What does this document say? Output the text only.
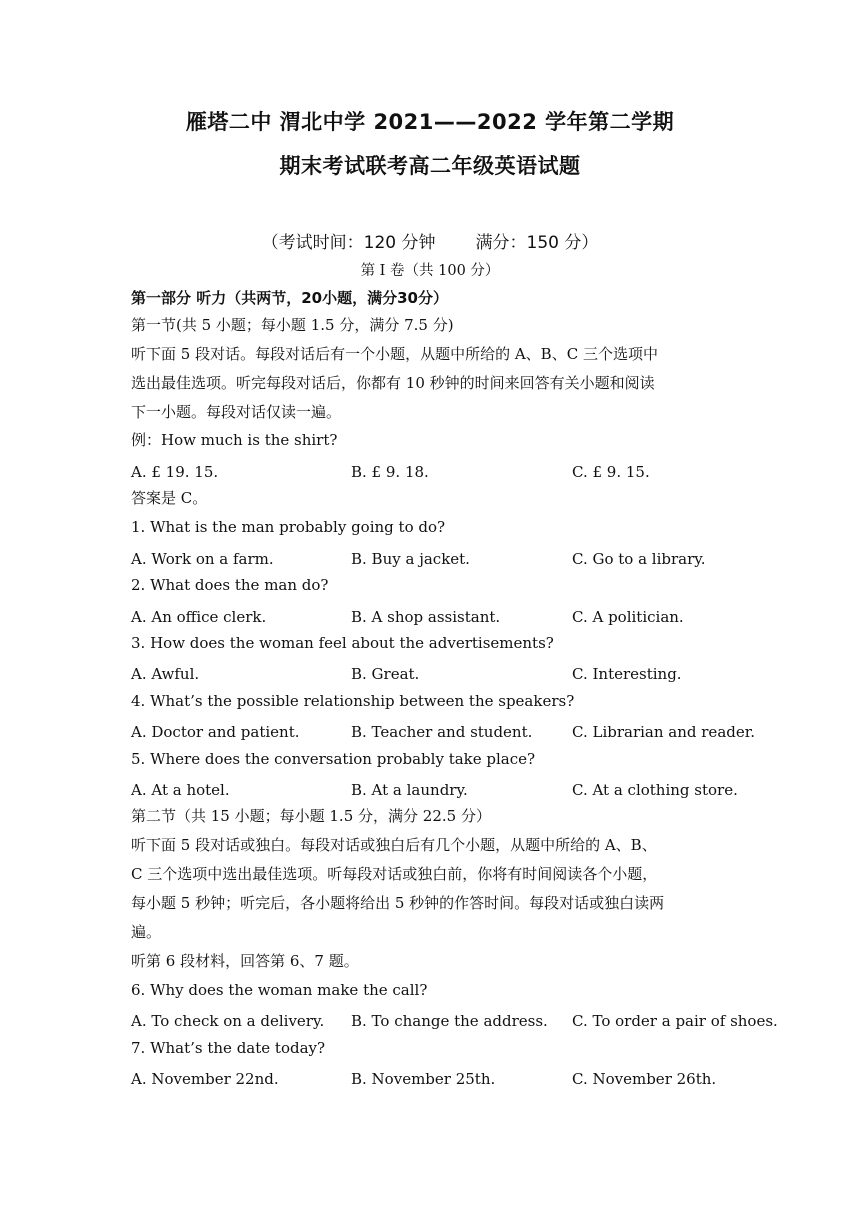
雁塔二中 渭北中学 2021——2022 学年第二学期
期末考试联考高二年级英语试题
（考试时间：120 分钟 满分：150 分）
第 I 卷（共 100 分）
第一部分 听力（共两节，20小题，满分30分）
第一节(共 5 小题；每小题 1.5 分，满分 7.5 分)
听下面 5 段对话。每段对话后有一个小题，从题中所给的 A、B、C 三个选项中
选出最佳选项。听完每段对话后，你都有 10 秒钟的时间来回答有关小题和阅读
下一小题。每段对话仅读一遍。
例：How much is the shirt?
A. £ 19. 15.	B. £ 9. 18.	C. £ 9. 15.
答案是 C。
1. What is the man probably going to do?
A. Work on a farm.	B. Buy a jacket.	C. Go to a library.
2. What does the man do?
A. An office clerk.	B. A shop assistant.	C. A politician.
3. How does the woman feel about the advertisements?
A. Awful.	B. Great.	C. Interesting.
4. What’s the possible relationship between the speakers?
A. Doctor and patient.	B. Teacher and student.	C. Librarian and reader.
5. Where does the conversation probably take place?
A. At a hotel.	B. At a laundry.	C. At a clothing store.
第二节（共 15 小题；每小题 1.5 分，满分 22.5 分）
听下面 5 段对话或独白。每段对话或独白后有几个小题，从题中所给的 A、B、
C 三个选项中选出最佳选项。听每段对话或独白前，你将有时间阅读各个小题，
每小题 5 秒钟；听完后，各小题将给出 5 秒钟的作答时间。每段对话或独白读两
遍。
听第 6 段材料，回答第 6、7 题。
6. Why does the woman make the call?
A. To check on a delivery. B. To change the address. C. To order a pair of shoes.
7. What’s the date today?
A. November 22nd.	B. November 25th.	C. November 26th.
